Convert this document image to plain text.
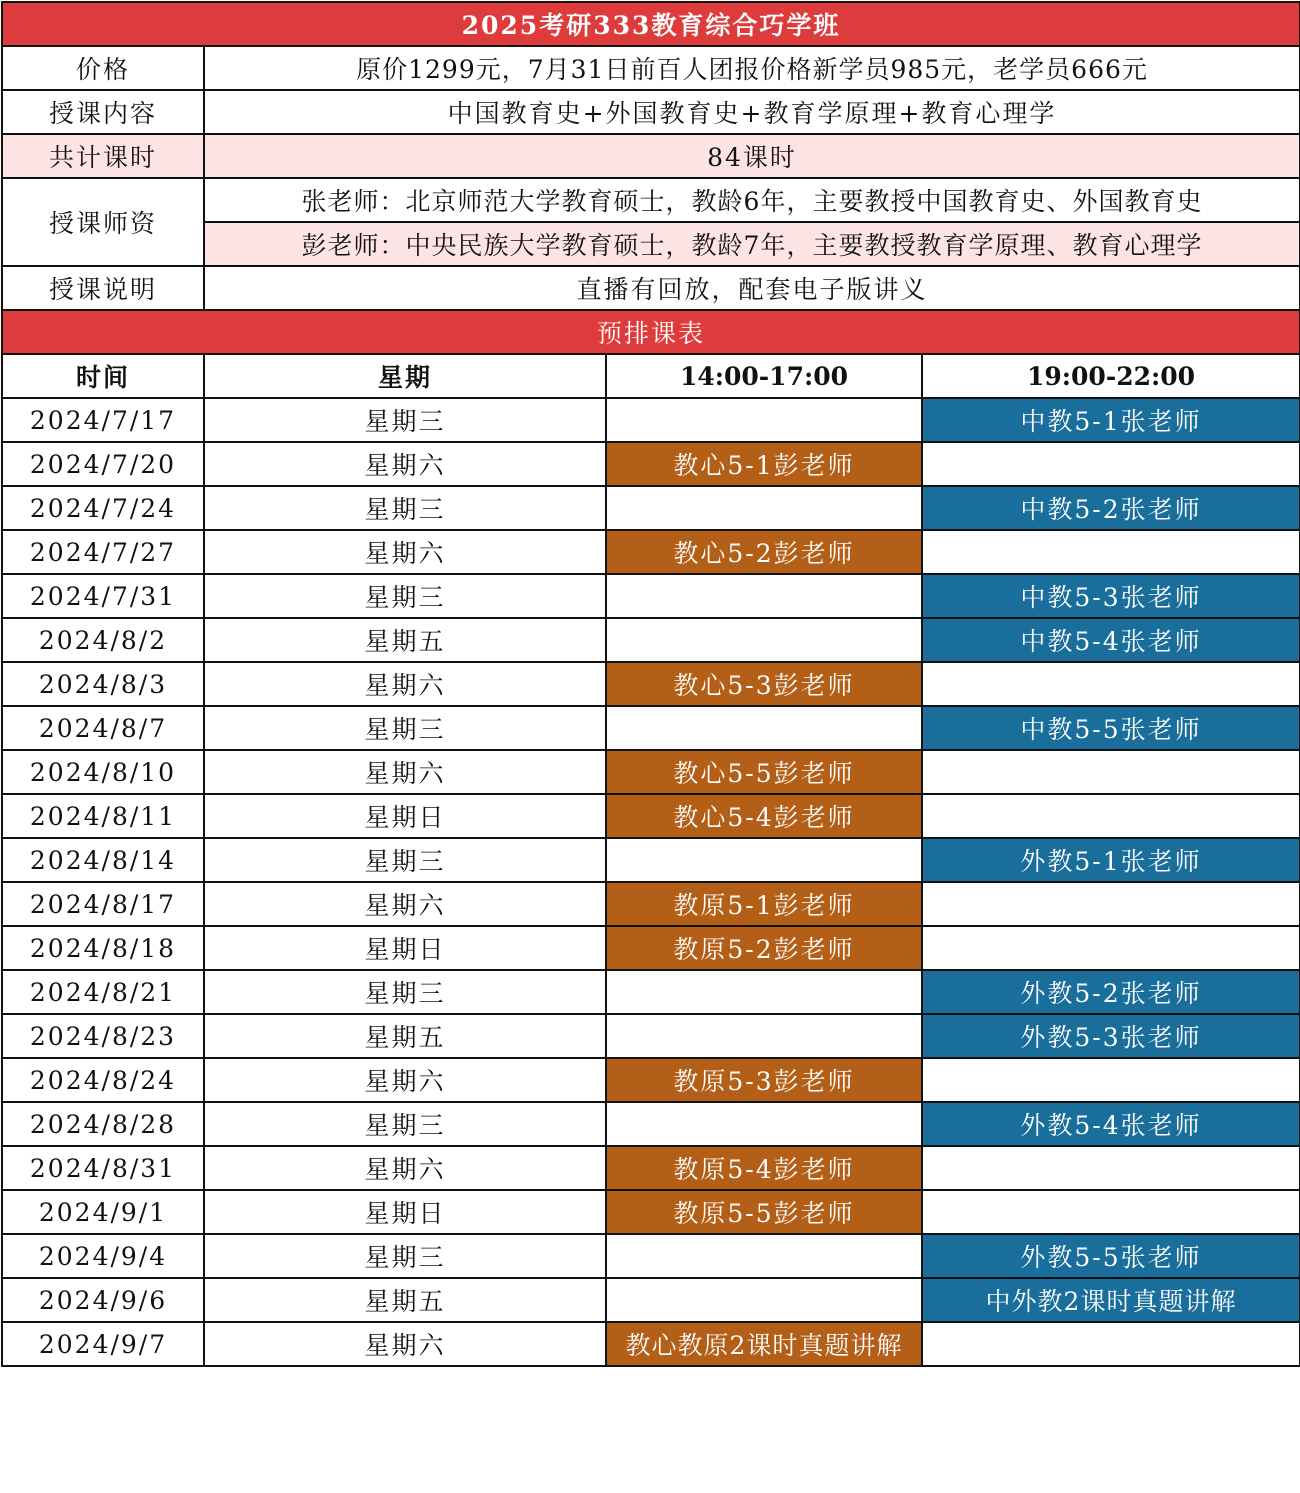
2025考研333教育综合巧学班			
价格	原价1299元，7月31日前百人团报价格新学员985元，老学员666元		
授课内容	中国教育史+外国教育史+教育学原理+教育心理学		
共计课时	84课时		
授课师资	张老师：北京师范大学教育硕士，教龄6年，主要教授中国教育史、外国教育史		
	彭老师：中央民族大学教育硕士，教龄7年，主要教授教育学原理、教育心理学		
授课说明	直播有回放，配套电子版讲义		
预排课表			
时间	星期	14:00-17:00	19:00-22:00
2024/7/17	星期三		中教5-1张老师
2024/7/20	星期六	教心5-1彭老师	
2024/7/24	星期三		中教5-2张老师
2024/7/27	星期六	教心5-2彭老师	
2024/7/31	星期三		中教5-3张老师
2024/8/2	星期五		中教5-4张老师
2024/8/3	星期六	教心5-3彭老师	
2024/8/7	星期三		中教5-5张老师
2024/8/10	星期六	教心5-5彭老师	
2024/8/11	星期日	教心5-4彭老师	
2024/8/14	星期三		外教5-1张老师
2024/8/17	星期六	教原5-1彭老师	
2024/8/18	星期日	教原5-2彭老师	
2024/8/21	星期三		外教5-2张老师
2024/8/23	星期五		外教5-3张老师
2024/8/24	星期六	教原5-3彭老师	
2024/8/28	星期三		外教5-4张老师
2024/8/31	星期六	教原5-4彭老师	
2024/9/1	星期日	教原5-5彭老师	
2024/9/4	星期三		外教5-5张老师
2024/9/6	星期五		中外教2课时真题讲解
2024/9/7	星期六	教心教原2课时真题讲解	
